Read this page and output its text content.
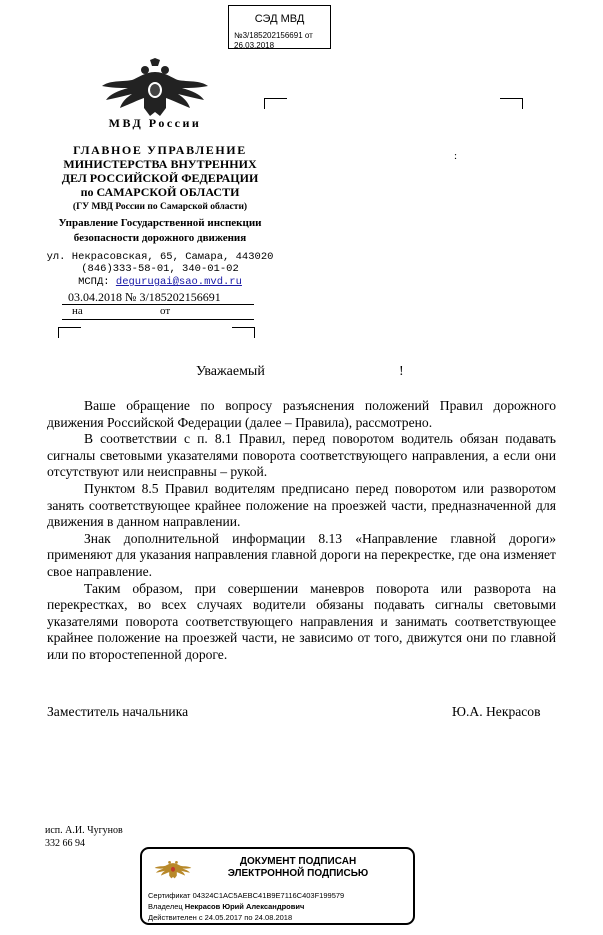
СЭД МВД
№3/185202156691 от
26.03.2018
МВД России
ГЛАВНОЕ УПРАВЛЕНИЕ
МИНИСТЕРСТВА ВНУТРЕННИХ
ДЕЛ РОССИЙСКОЙ ФЕДЕРАЦИИ
по САМАРСКОЙ ОБЛАСТИ
(ГУ МВД России по Самарской области)
Управление Государственной инспекции
безопасности дорожного движения
ул. Некрасовская, 65, Самара, 443020
(846)333-58-01, 340-01-02
МСПД: degurugai@sao.mvd.ru
03.04.2018 № 3/185202156691
на	от
:
Уважаемый	!

Ваше обращение по вопросу разъяснения положений Правил дорожного движения Российской Федерации (далее – Правила), рассмотрено.

В соответствии с п. 8.1 Правил, перед поворотом водитель обязан подавать сигналы световыми указателями поворота соответствующего направления, а если они отсутствуют или неисправны – рукой.

Пунктом 8.5 Правил водителям предписано перед поворотом или разворотом занять соответствующее крайнее положение на проезжей части, предназначенной для движения в данном направлении.

Знак дополнительной информации 8.13 «Направление главной дороги» применяют для указания направления главной дороги на перекрестке, где она изменяет свое направление.

Таким образом, при совершении маневров поворота или разворота на перекрестках, во всех случаях водители обязаны подавать сигналы световыми указателями поворота соответствующего направления и занимать соответствующее крайнее положение на проезжей части, не зависимо от того, движутся они по главной или по второстепенной дороге.

Заместитель начальника	Ю.А. Некрасов
исп. А.И. Чугунов
332 66 94
ДОКУМЕНТ ПОДПИСАН
ЭЛЕКТРОННОЙ ПОДПИСЬЮ
Сертификат 04324C1AC5AEBC41B9E7116C403F199579
Владелец Некрасов Юрий Александрович
Действителен с 24.05.2017 по 24.08.2018
